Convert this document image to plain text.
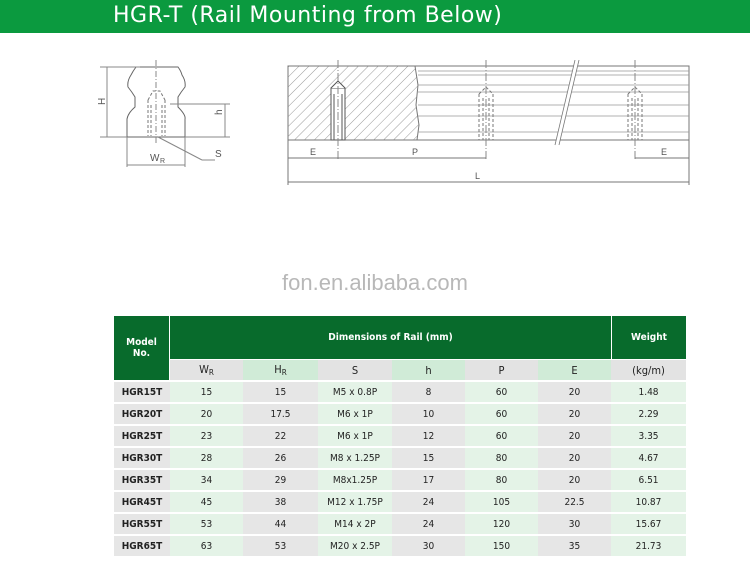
HGR-T (Rail Mounting from Below)
H
h
W R
S	E	P	E
L
fon.en.alibaba.com
Model
No.	Dimensions of Rail (mm)						Weight
	$W_R$	$H_R$	S	h	P	E	(kg/m)
HGR15T	15	15	M5 x 0.8P	8	60	20	1.48
HGR20T	20	17.5	M6 x 1P	10	60	20	2.29
HGR25T	23	22	M6 x 1P	12	60	20	3.35
HGR30T	28	26	M8 x 1.25P	15	80	20	4.67
HGR35T	34	29	M8x1.25P	17	80	20	6.51
HGR45T	45	38	M12 x 1.75P	24	105	22.5	10.87
HGR55T	53	44	M14 x 2P	24	120	30	15.67
HGR65T	63	53	M20 x 2.5P	30	150	35	21.73
